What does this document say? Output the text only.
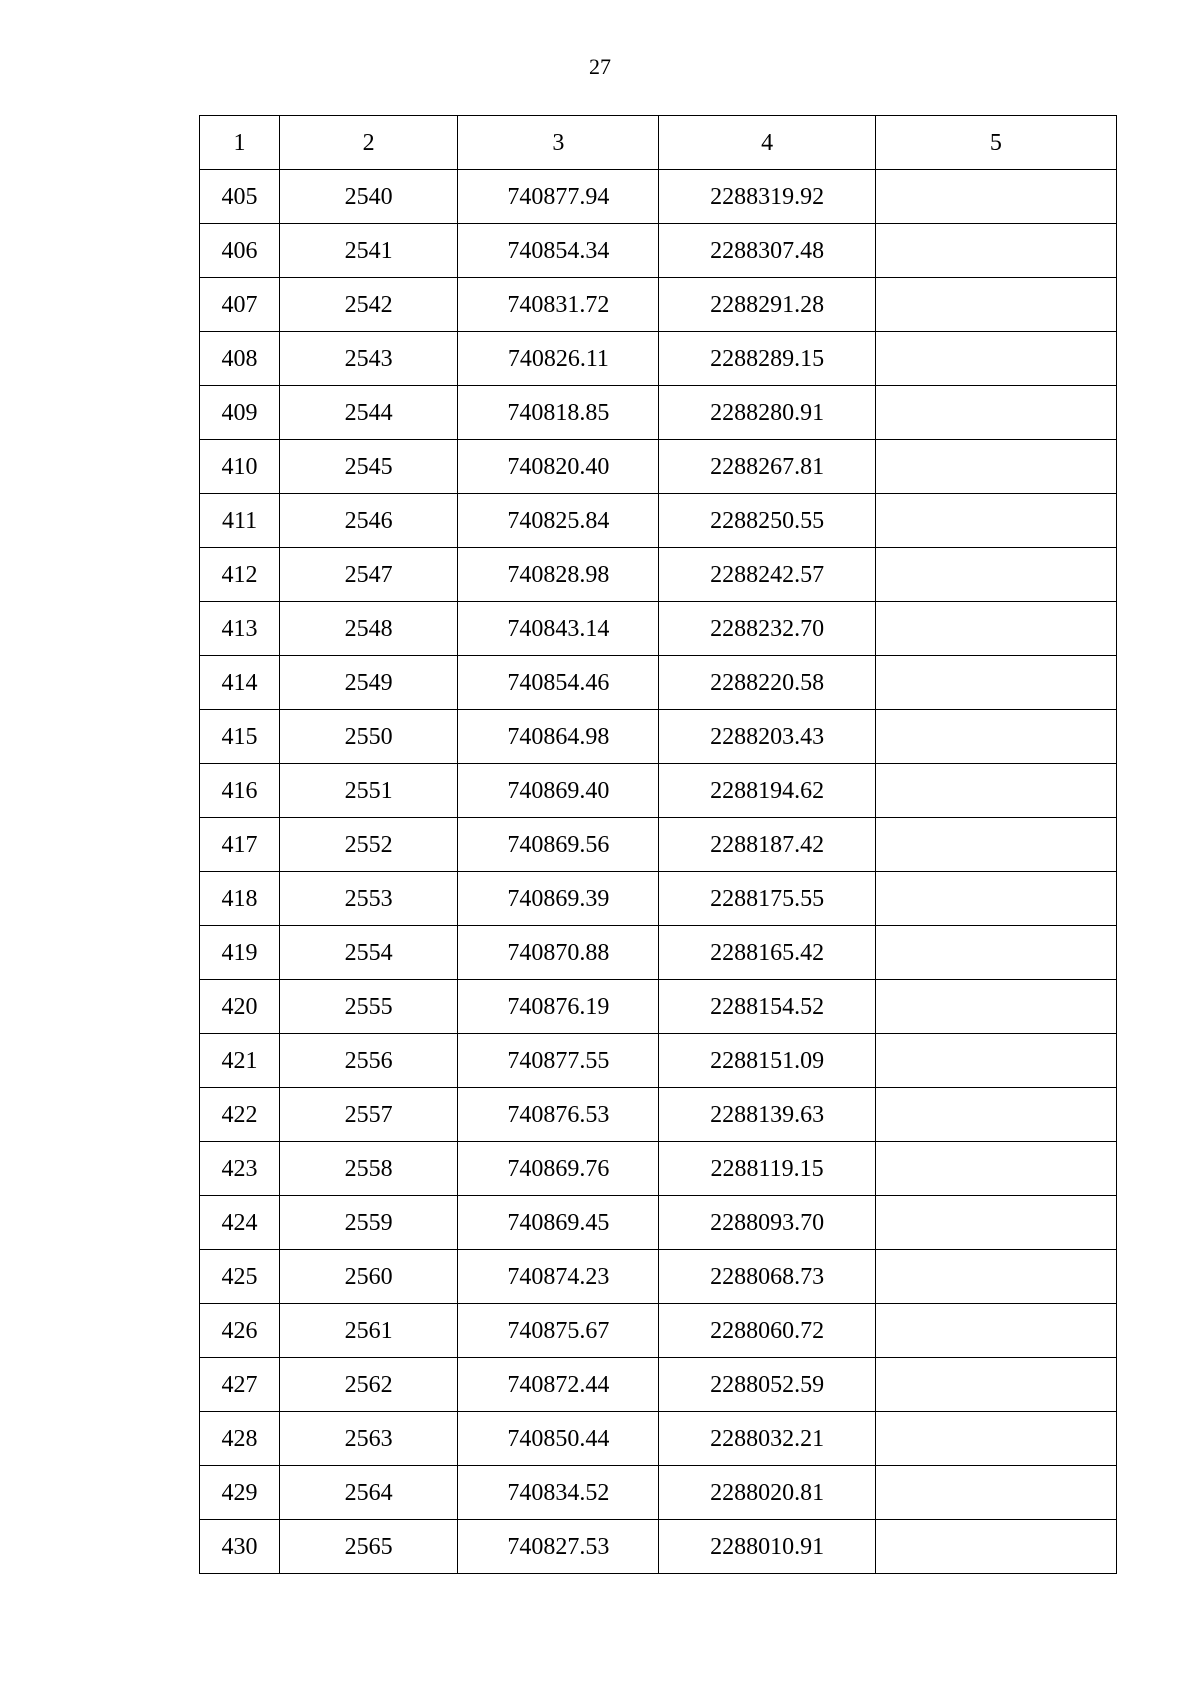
27
1	2	3	4	5
405	2540	740877.94	2288319.92	
406	2541	740854.34	2288307.48	
407	2542	740831.72	2288291.28	
408	2543	740826.11	2288289.15	
409	2544	740818.85	2288280.91	
410	2545	740820.40	2288267.81	
411	2546	740825.84	2288250.55	
412	2547	740828.98	2288242.57	
413	2548	740843.14	2288232.70	
414	2549	740854.46	2288220.58	
415	2550	740864.98	2288203.43	
416	2551	740869.40	2288194.62	
417	2552	740869.56	2288187.42	
418	2553	740869.39	2288175.55	
419	2554	740870.88	2288165.42	
420	2555	740876.19	2288154.52	
421	2556	740877.55	2288151.09	
422	2557	740876.53	2288139.63	
423	2558	740869.76	2288119.15	
424	2559	740869.45	2288093.70	
425	2560	740874.23	2288068.73	
426	2561	740875.67	2288060.72	
427	2562	740872.44	2288052.59	
428	2563	740850.44	2288032.21	
429	2564	740834.52	2288020.81	
430	2565	740827.53	2288010.91	
